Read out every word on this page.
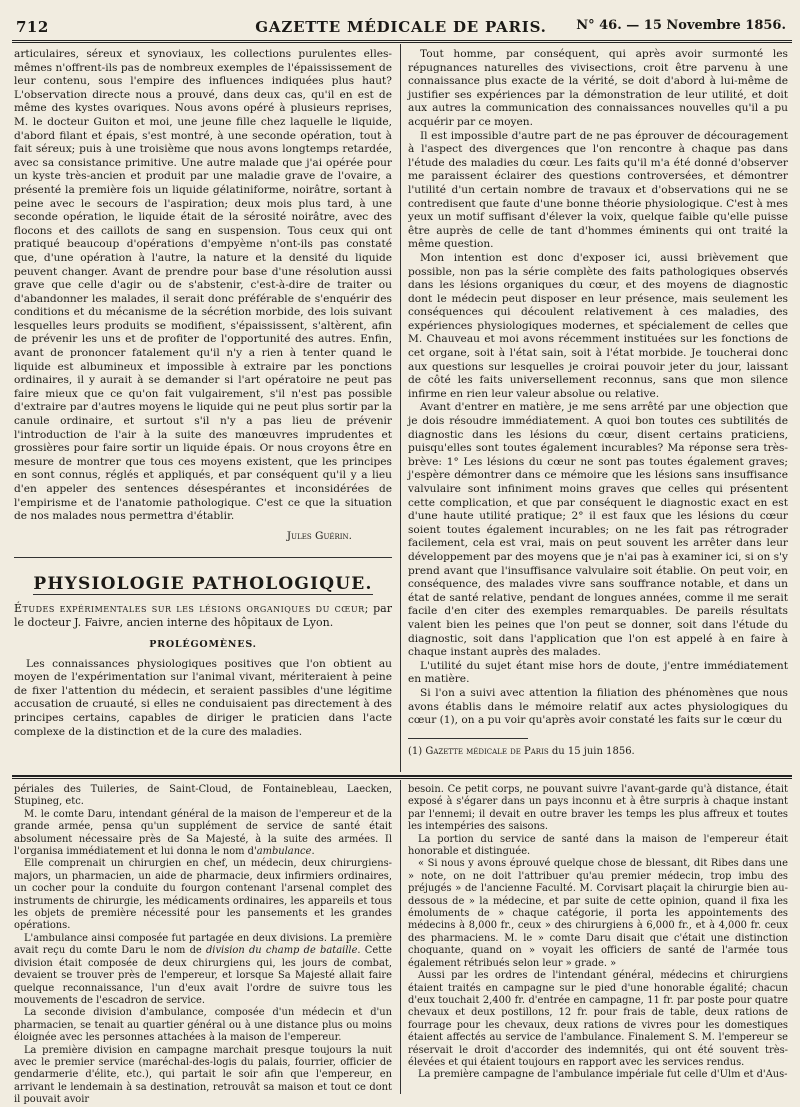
712	GAZETTE MÉDICALE DE PARIS.	N° 46. — 15 Novembre 1856.

articulaires, séreux et synoviaux, les collections purulentes elles-mêmes n'offrent-ils pas de nombreux exemples de l'épaississement de leur contenu, sous l'empire des influences indiquées plus haut? L'observation directe nous a prouvé, dans deux cas, qu'il en est de même des kystes ovariques. Nous avons opéré à plusieurs reprises, M. le docteur Guiton et moi, une jeune fille chez laquelle le liquide, d'abord filant et épais, s'est montré, à une seconde opération, tout à fait séreux; puis à une troisième que nous avons longtemps retardée, avec sa consistance primitive. Une autre malade que j'ai opérée pour un kyste très-ancien et produit par une maladie grave de l'ovaire, a présenté la première fois un liquide gélatiniforme, noirâtre, sortant à peine avec le secours de l'aspiration; deux mois plus tard, à une seconde opération, le liquide était de la sérosité noirâtre, avec des flocons et des caillots de sang en suspension. Tous ceux qui ont pratiqué beaucoup d'opérations d'empyème n'ont-ils pas constaté que, d'une opération à l'autre, la nature et la densité du liquide peuvent changer. Avant de prendre pour base d'une résolution aussi grave que celle d'agir ou de s'abstenir, c'est-à-dire de traiter ou d'abandonner les malades, il serait donc préférable de s'enquérir des conditions et du mécanisme de la sécrétion morbide, des lois suivant lesquelles leurs produits se modifient, s'épaississent, s'altèrent, afin de prévenir les uns et de profiter de l'opportunité des autres. Enfin, avant de prononcer fatalement qu'il n'y a rien à tenter quand le liquide est albumineux et impossible à extraire par les ponctions ordinaires, il y aurait à se demander si l'art opératoire ne peut pas faire mieux que ce qu'on fait vulgairement, s'il n'est pas possible d'extraire par d'autres moyens le liquide qui ne peut plus sortir par la canule ordinaire, et surtout s'il n'y a pas lieu de prévenir l'introduction de l'air à la suite des manœuvres imprudentes et grossières pour faire sortir un liquide épais. Or nous croyons être en mesure de montrer que tous ces moyens existent, que les principes en sont connus, réglés et appliqués, et par conséquent qu'il y a lieu d'en appeler des sentences désespérantes et inconsidérées de l'empirisme et de l'anatomie pathologique. C'est ce que la situation de nos malades nous permettra d'établir.

Jules Guérin.

PHYSIOLOGIE PATHOLOGIQUE.

Études expérimentales sur les lésions organiques du cœur; par le docteur J. Faivre, ancien interne des hôpitaux de Lyon.

PROLÉGOMÈNES.

Les connaissances physiologiques positives que l'on obtient au moyen de l'expérimentation sur l'animal vivant, mériteraient à peine de fixer l'attention du médecin, et seraient passibles d'une légitime accusation de cruauté, si elles ne conduisaient pas directement à des principes certains, capables de diriger le praticien dans l'acte complexe de la distinction et de la cure des maladies.

Tout homme, par conséquent, qui après avoir surmonté les répugnances naturelles des vivisections, croit être parvenu à une connaissance plus exacte de la vérité, se doit d'abord à lui-même de justifier ses expériences par la démonstration de leur utilité, et doit aux autres la communication des connaissances nouvelles qu'il a pu acquérir par ce moyen.

Il est impossible d'autre part de ne pas éprouver de découragement à l'aspect des divergences que l'on rencontre à chaque pas dans l'étude des maladies du cœur. Les faits qu'il m'a été donné d'observer me paraissent éclairer des questions controversées, et démontrer l'utilité d'un certain nombre de travaux et d'observations qui ne se contredisent que faute d'une bonne théorie physiologique. C'est à mes yeux un motif suffisant d'élever la voix, quelque faible qu'elle puisse être auprès de celle de tant d'hommes éminents qui ont traité la même question.

Mon intention est donc d'exposer ici, aussi brièvement que possible, non pas la série complète des faits pathologiques observés dans les lésions organiques du cœur, et des moyens de diagnostic dont le médecin peut disposer en leur présence, mais seulement les conséquences qui découlent relativement à ces maladies, des expériences physiologiques modernes, et spécialement de celles que M. Chauveau et moi avons récemment instituées sur les fonctions de cet organe, soit à l'état sain, soit à l'état morbide. Je toucherai donc aux questions sur lesquelles je croirai pouvoir jeter du jour, laissant de côté les faits universellement reconnus, sans que mon silence infirme en rien leur valeur absolue ou relative.

Avant d'entrer en matière, je me sens arrêté par une objection que je dois résoudre immédiatement. A quoi bon toutes ces subtilités de diagnostic dans les lésions du cœur, disent certains praticiens, puisqu'elles sont toutes également incurables? Ma réponse sera très-brève: 1° Les lésions du cœur ne sont pas toutes également graves; j'espère démontrer dans ce mémoire que les lésions sans insuffisance valvulaire sont infiniment moins graves que celles qui présentent cette complication, et que par conséquent le diagnostic exact en est d'une haute utilité pratique; 2° il est faux que les lésions du cœur soient toutes également incurables; on ne les fait pas rétrograder facilement, cela est vrai, mais on peut souvent les arrêter dans leur développement par des moyens que je n'ai pas à examiner ici, si on s'y prend avant que l'insuffisance valvulaire soit établie. On peut voir, en conséquence, des malades vivre sans souffrance notable, et dans un état de santé relative, pendant de longues années, comme il me serait facile d'en citer des exemples remarquables. De pareils résultats valent bien les peines que l'on peut se donner, soit dans l'étude du diagnostic, soit dans l'application que l'on est appelé à en faire à chaque instant auprès des malades.

L'utilité du sujet étant mise hors de doute, j'entre immédiatement en matière.

Si l'on a suivi avec attention la filiation des phénomènes que nous avons établis dans le mémoire relatif aux actes physiologiques du cœur (1), on a pu voir qu'après avoir constaté les faits sur le cœur du

(1) Gazette médicale de Paris du 15 juin 1856.

périales des Tuileries, de Saint-Cloud, de Fontainebleau, Laecken, Stupineg, etc.

M. le comte Daru, intendant général de la maison de l'empereur et de la grande armée, pensa qu'un supplément de service de santé était absolument nécessaire près de Sa Majesté, à la suite des armées. Il l'organisa immédiatement et lui donna le nom d'ambulance.

Elle comprenait un chirurgien en chef, un médecin, deux chirurgiens-majors, un pharmacien, un aide de pharmacie, deux infirmiers ordinaires, un cocher pour la conduite du fourgon contenant l'arsenal complet des instruments de chirurgie, les médicaments ordinaires, les appareils et tous les objets de première nécessité pour les pansements et les grandes opérations.

L'ambulance ainsi composée fut partagée en deux divisions. La première avait reçu du comte Daru le nom de division du champ de bataille. Cette division était composée de deux chirurgiens qui, les jours de combat, devaient se trouver près de l'empereur, et lorsque Sa Majesté allait faire quelque reconnaissance, l'un d'eux avait l'ordre de suivre tous les mouvements de l'escadron de service.

La seconde division d'ambulance, composée d'un médecin et d'un pharmacien, se tenait au quartier général ou à une distance plus ou moins éloignée avec les personnes attachées à la maison de l'empereur.

La première division en campagne marchait presque toujours la nuit avec le premier service (maréchal-des-logis du palais, fourrier, officier de gendarmerie d'élite, etc.), qui partait le soir afin que l'empereur, en arrivant le lendemain à sa destination, retrouvât sa maison et tout ce dont il pouvait avoir

besoin. Ce petit corps, ne pouvant suivre l'avant-garde qu'à distance, était exposé à s'égarer dans un pays inconnu et à être surpris à chaque instant par l'ennemi; il devait en outre braver les temps les plus affreux et toutes les intempéries des saisons.

La portion du service de santé dans la maison de l'empereur était honorable et distinguée.

« Si nous y avons éprouvé quelque chose de blessant, dit Ribes dans une » note, on ne doit l'attribuer qu'au premier médecin, trop imbu des préjugés » de l'ancienne Faculté. M. Corvisart plaçait la chirurgie bien au-dessous de » la médecine, et par suite de cette opinion, quand il fixa les émoluments de » chaque catégorie, il porta les appointements des médecins à 8,000 fr., ceux » des chirurgiens à 6,000 fr., et à 4,000 fr. ceux des pharmaciens. M. le » comte Daru disait que c'était une distinction choquante, quand on » voyait les officiers de santé de l'armée tous également rétribués selon leur » grade. »

Aussi par les ordres de l'intendant général, médecins et chirurgiens étaient traités en campagne sur le pied d'une honorable égalité; chacun d'eux touchait 2,400 fr. d'entrée en campagne, 11 fr. par poste pour quatre chevaux et deux postillons, 12 fr. pour frais de table, deux rations de fourrage pour les chevaux, deux rations de vivres pour les domestiques étaient affectés au service de l'ambulance. Finalement S. M. l'empereur se réservait le droit d'accorder des indemnités, qui ont été souvent très-élevées et qui étaient toujours en rapport avec les services rendus.

La première campagne de l'ambulance impériale fut celle d'Ulm et d'Aus-
